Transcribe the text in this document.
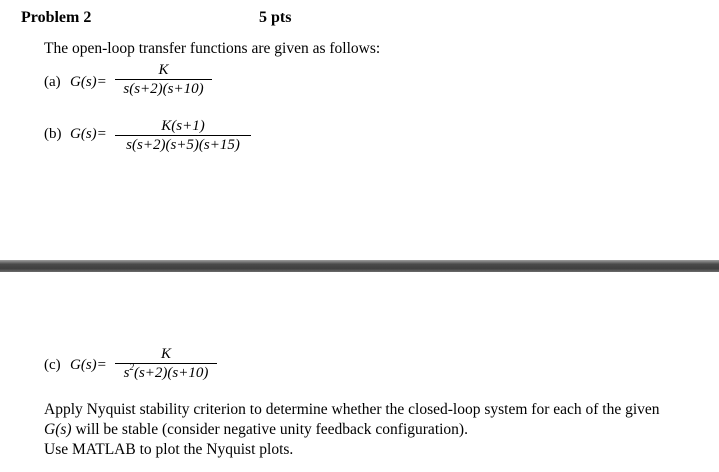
Problem 2	5 pts
The open-loop transfer functions are given as follows:
(a) G(s)=
K
s(s+2)(s+10)
(b) G(s)=	K(s+1)
s(s+2)(s+5)(s+15)
(c) G(s)=
K
$s^2(s+2)(s+10)$
Apply Nyquist stability criterion to determine whether the closed-loop system for each of the given
G(s) will be stable (consider negative unity feedback configuration).
Use MATLAB to plot the Nyquist plots.
